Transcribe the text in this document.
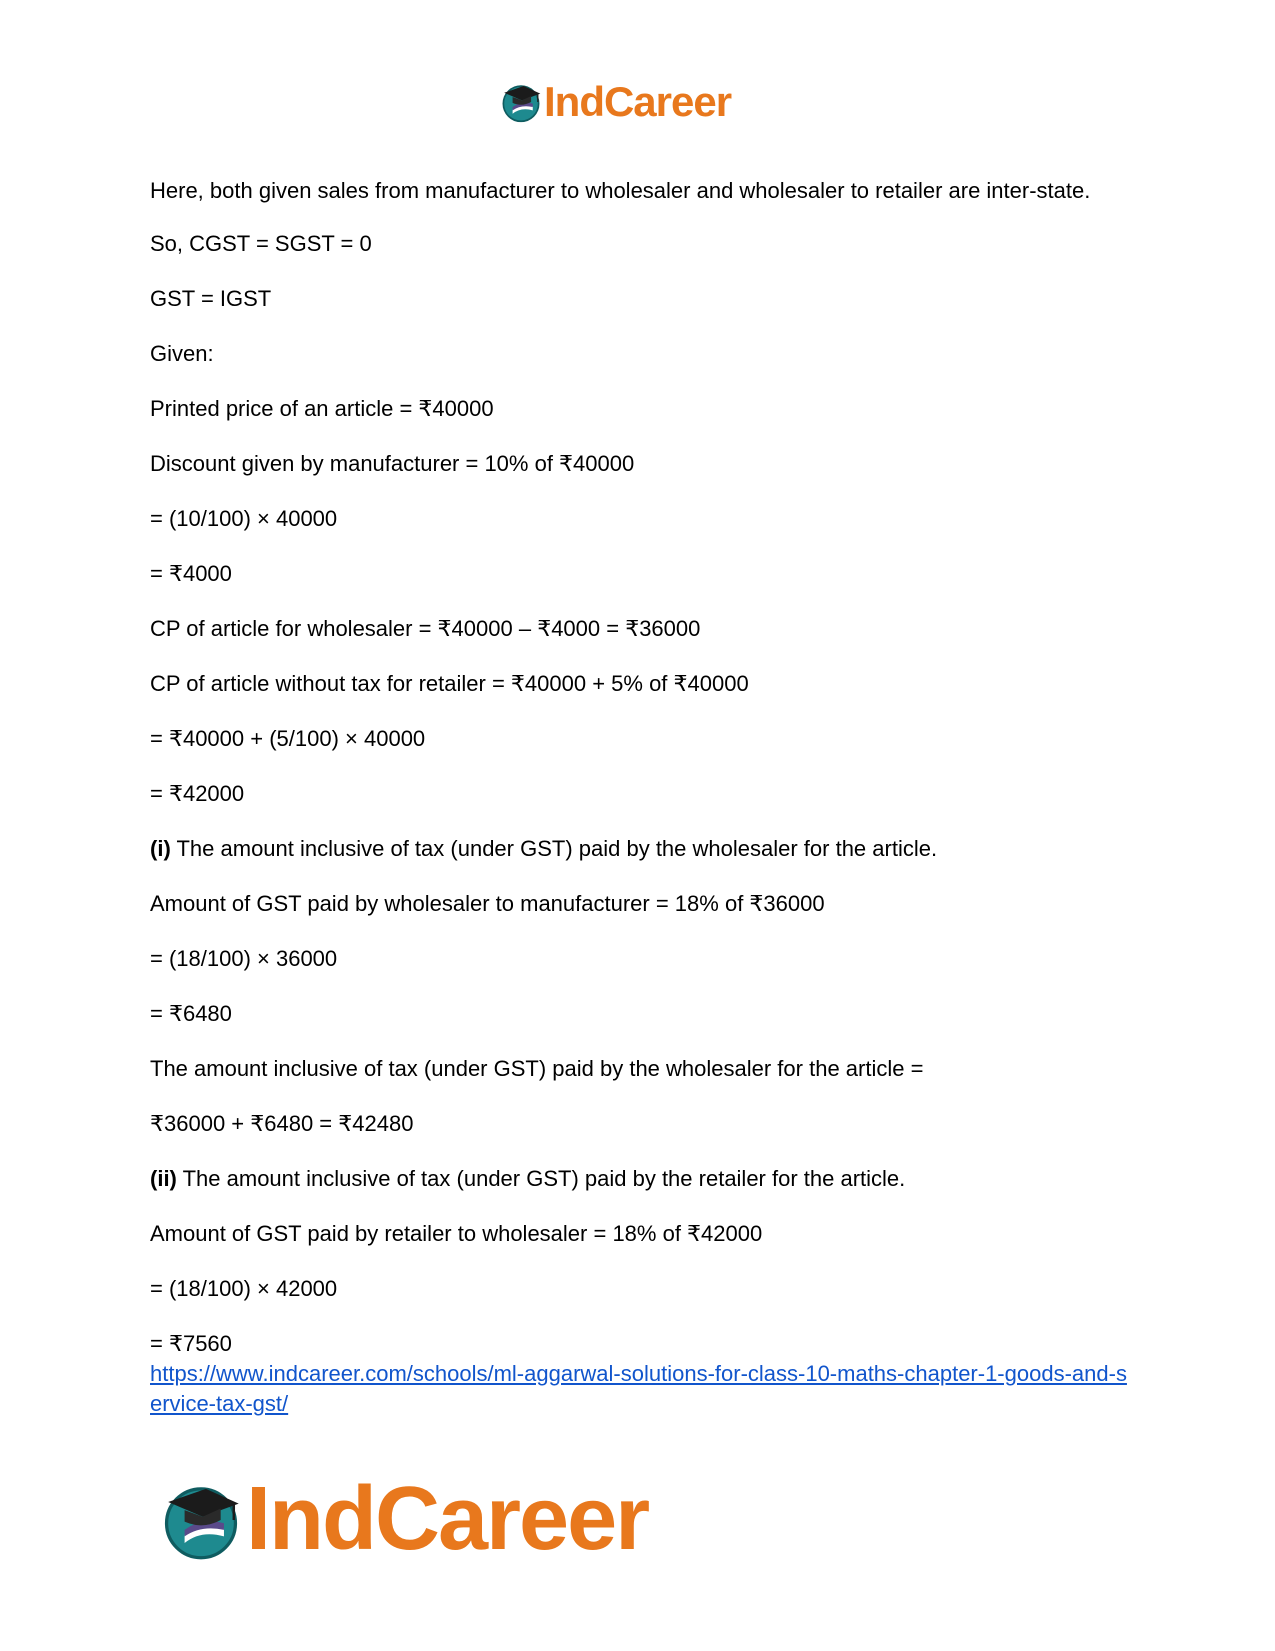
IndCareer

Here, both given sales from manufacturer to wholesaler and wholesaler to retailer are inter-state.

So, CGST = SGST = 0

GST = IGST

Given:

Printed price of an article = ₹40000

Discount given by manufacturer = 10% of ₹40000

= (10/100) × 40000

= ₹4000

CP of article for wholesaler = ₹40000 – ₹4000 = ₹36000

CP of article without tax for retailer = ₹40000 + 5% of ₹40000

= ₹40000 + (5/100) × 40000

= ₹42000

(i) The amount inclusive of tax (under GST) paid by the wholesaler for the article.

Amount of GST paid by wholesaler to manufacturer = 18% of ₹36000

= (18/100) × 36000

= ₹6480

The amount inclusive of tax (under GST) paid by the wholesaler for the article =

₹36000 + ₹6480 = ₹42480

(ii) The amount inclusive of tax (under GST) paid by the retailer for the article.

Amount of GST paid by retailer to wholesaler = 18% of ₹42000

= (18/100) × 42000

= ₹7560

https://www.indcareer.com/schools/ml-aggarwal-solutions-for-class-10-maths-chapter-1-goods-and-service-tax-gst/
IndCareer
